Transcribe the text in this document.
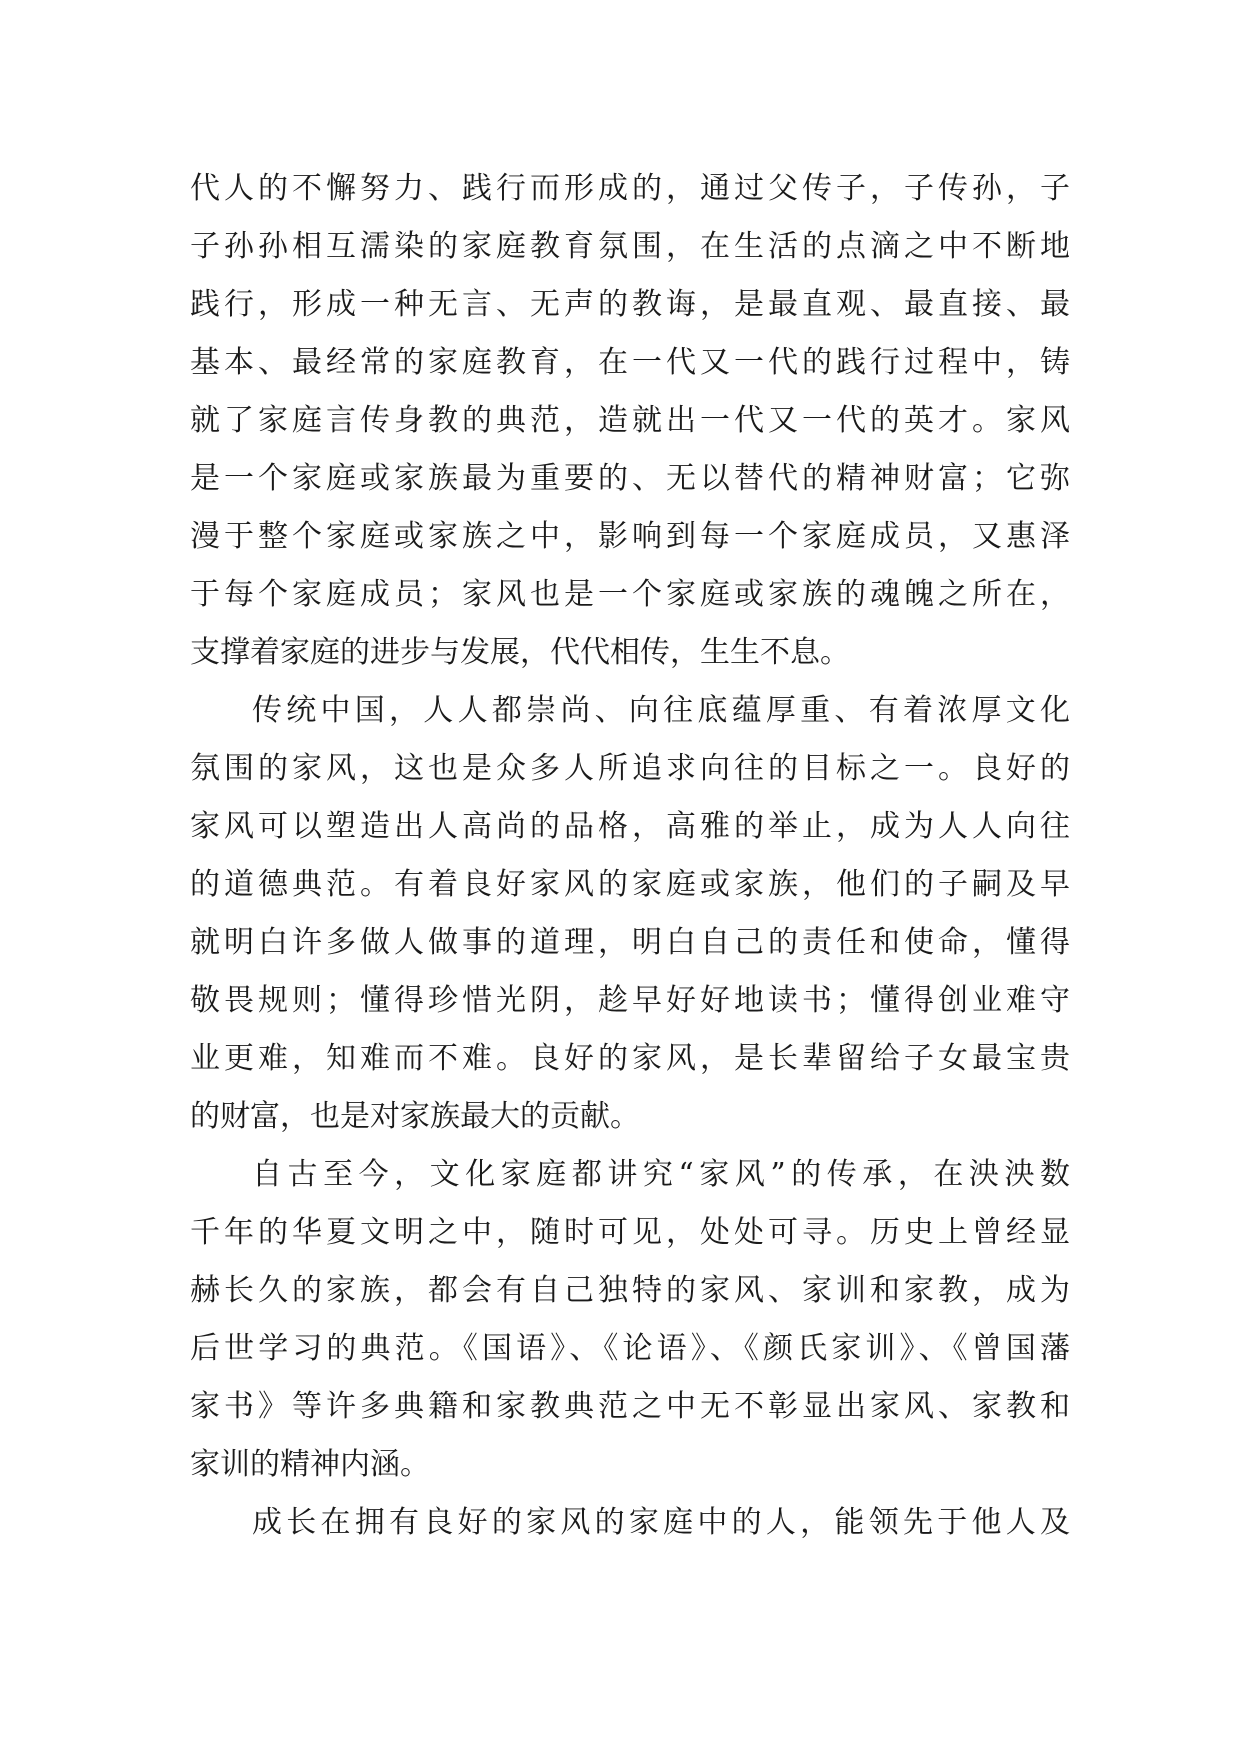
代人的不懈努力、践行而形成的，通过父传子，子传孙，子
子孙孙相互濡染的家庭教育氛围，在生活的点滴之中不断地
践行，形成一种无言、无声的教诲，是最直观、最直接、最
基本、最经常的家庭教育，在一代又一代的践行过程中，铸
就了家庭言传身教的典范，造就出一代又一代的英才。家风
是一个家庭或家族最为重要的、无以替代的精神财富；它弥
漫于整个家庭或家族之中，影响到每一个家庭成员，又惠泽
于每个家庭成员；家风也是一个家庭或家族的魂魄之所在，
支撑着家庭的进步与发展，代代相传，生生不息。
传统中国，人人都崇尚、向往底蕴厚重、有着浓厚文化
氛围的家风，这也是众多人所追求向往的目标之一。良好的
家风可以塑造出人高尚的品格，高雅的举止，成为人人向往
的道德典范。有着良好家风的家庭或家族，他们的子嗣及早
就明白许多做人做事的道理，明白自己的责任和使命，懂得
敬畏规则；懂得珍惜光阴，趁早好好地读书；懂得创业难守
业更难，知难而不难。良好的家风，是长辈留给子女最宝贵
的财富，也是对家族最大的贡献。
自古至今，文化家庭都讲究“家风”的传承，在泱泱数
千年的华夏文明之中，随时可见，处处可寻。历史上曾经显
赫长久的家族，都会有自己独特的家风、家训和家教，成为
后世学习的典范。《国语》、《论语》、《颜氏家训》、《曾国藩
家书》等许多典籍和家教典范之中无不彰显出家风、家教和
家训的精神内涵。
成长在拥有良好的家风的家庭中的人，能领先于他人及
